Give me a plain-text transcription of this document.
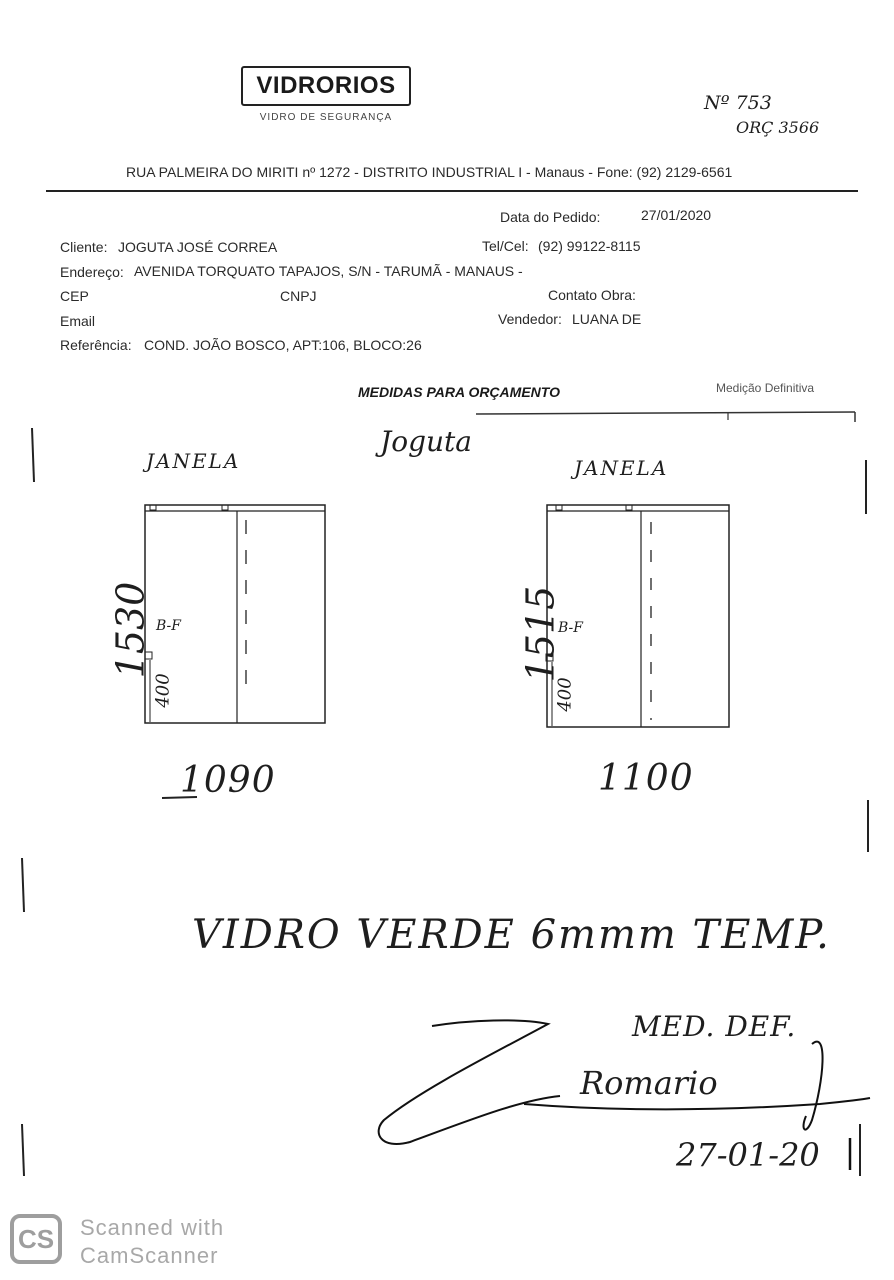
VIDRORIOS
VIDRO DE SEGURANÇA
Nº 753
ORÇ 3566
RUA PALMEIRA DO MIRITI nº 1272 - DISTRITO INDUSTRIAL I - Manaus - Fone: (92) 2129-6561
Data do Pedido:	27/01/2020
Cliente: JOGUTA JOSÉ CORREA	Tel/Cel: (92) 99122-8115
Endereço: AVENIDA TORQUATO TAPAJOS, S/N - TARUMÃ - MANAUS -
CEP	CNPJ	Contato Obra:
Email	Vendedor: LUANA DE
Referência: COND. JOÃO BOSCO, APT:106, BLOCO:26
MEDIDAS PARA ORÇAMENTO	Medição Definitiva
JANELA	JANELA
Joguta
1530 B-F
400
1090
1515
B-F
400
1100
VIDRO VERDE 6mmm TEMP.
MED. DEF.
Romario
27-01-20
CS Scanned with
CamScanner
